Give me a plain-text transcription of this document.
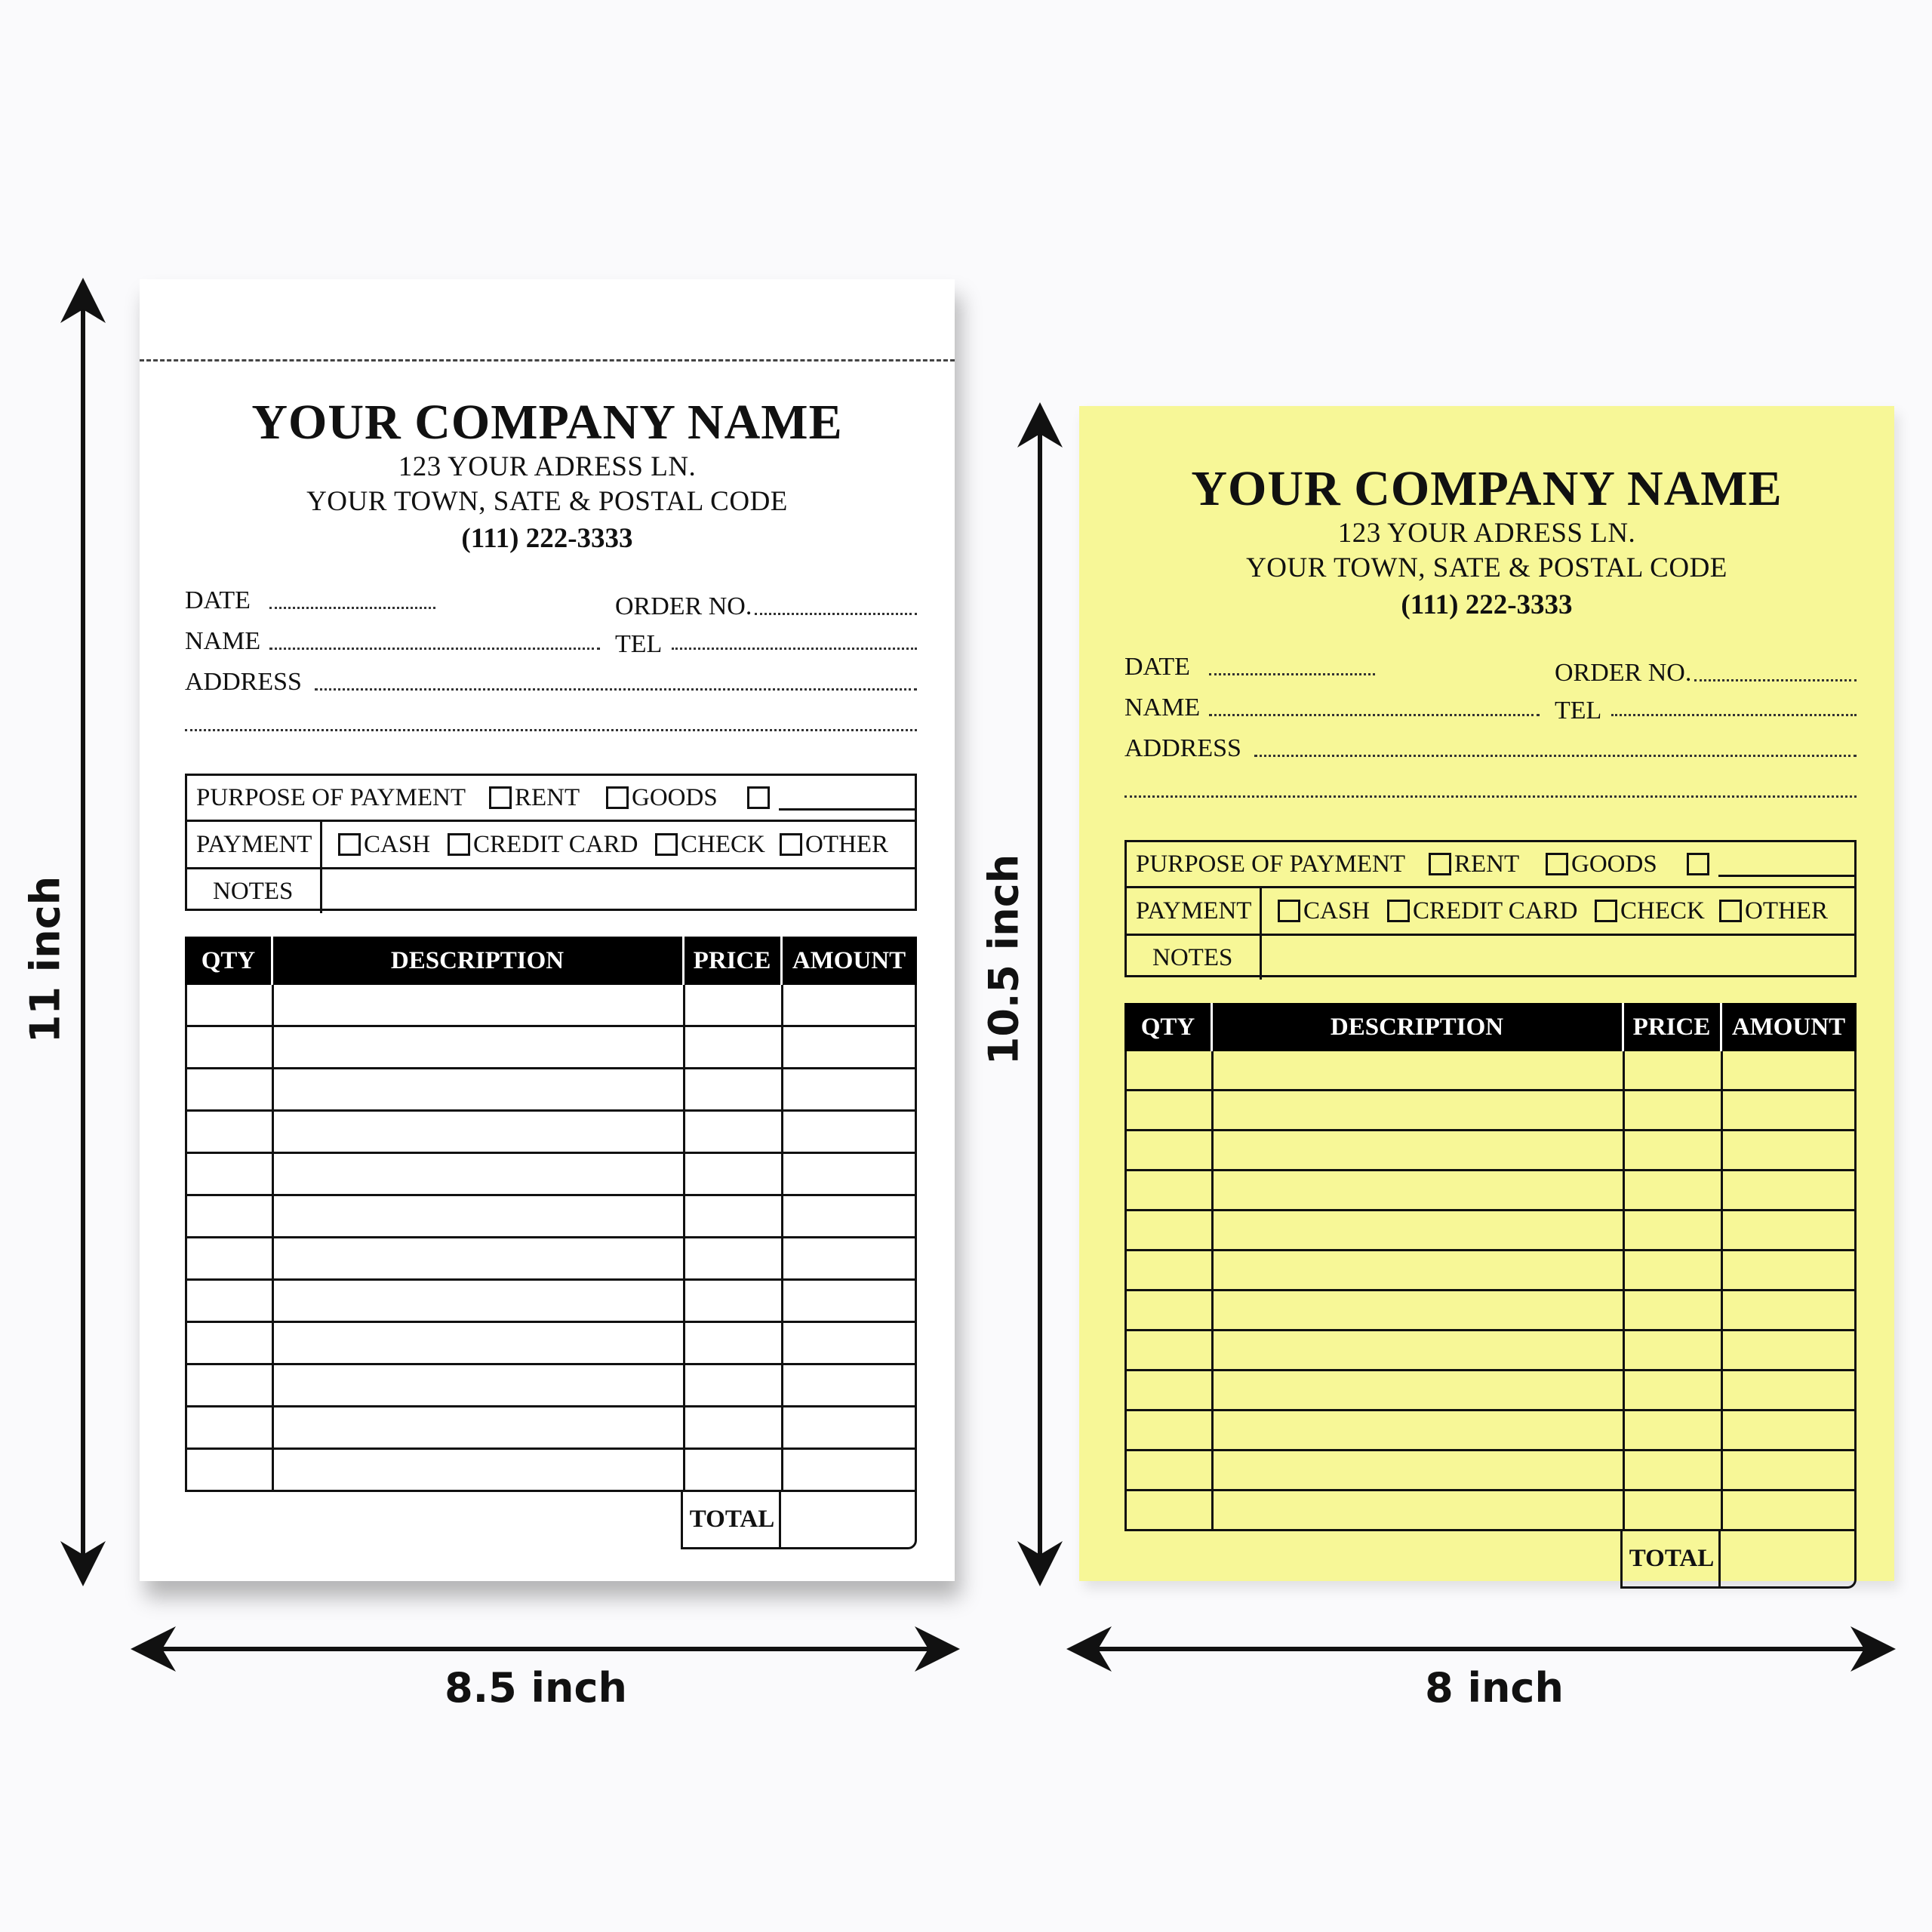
11 inch
8.5 inch
10.5 inch
8 inch
YOUR COMPANY NAME
123 YOUR ADRESS LN.
YOUR TOWN, SATE & POSTAL CODE
(111) 222-3333
DATE	ORDER NO.
NAME	TEL
ADDRESS
PURPOSE OF PAYMENT RENT GOODS
PAYMENT CASH CREDIT CARD CHECK OTHER
NOTES
QTY	DESCRIPTION	PRICE AMOUNT
TOTAL
YOUR COMPANY NAME
123 YOUR ADRESS LN.
YOUR TOWN, SATE & POSTAL CODE
(111) 222-3333
DATE	ORDER NO.
NAME	TEL
ADDRESS
PURPOSE OF PAYMENT RENT GOODS
PAYMENT CASH CREDIT CARD CHECK OTHER
NOTES
QTY	DESCRIPTION	PRICE AMOUNT
TOTAL
